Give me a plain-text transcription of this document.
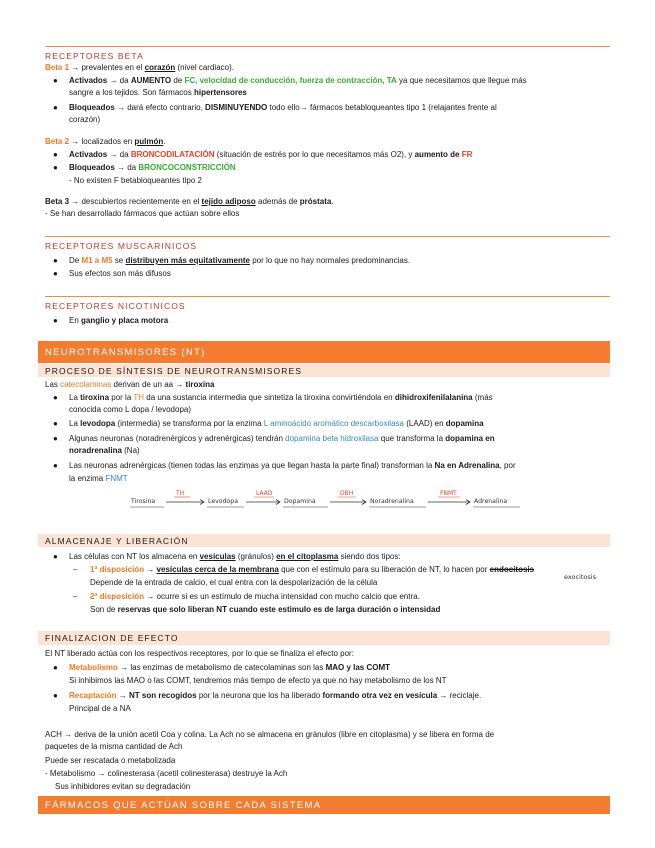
RECEPTORES BETA
Beta 1 → prevalentes en el corazón (nivel cardiaco).
● Activados → da AUMENTO de FC, velocidad de conducción, fuerza de contracción, TA ya que necesitamos que llegue más
sangre a los tejidos. Son fármacos hipertensores
● Bloqueados → dará efecto contrario, DISMINUYENDO todo ello→ fármacos betabloqueantes tipo 1 (relajantes frente al
corazón)
Beta 2 → localizados en pulmón.
● Activados → da BRONCODILATACIÓN (situación de estrés por lo que necesitamos más O2), y aumento de FR
● Bloqueados → da BRONCOCONSTRICCIÓN
- No existen F betabloqueantes tipo 2
Beta 3 → descubiertos recientemente en el tejido adiposo además de próstata.
- Se han desarrollado fármacos que actúan sobre ellos
RECEPTORES MUSCARINICOS
● De M1 a M5 se distribuyen más equitativamente por lo que no hay normales predominancias.
● Sus efectos son más difusos
RECEPTORES NICOTINICOS
● En ganglio y placa motora
NEUROTRANSMISORES (NT)
PROCESO DE SÍNTESIS DE NEUROTRANSMISORES
Las catecolaminas derivan de un aa → tiroxina
● La tiroxina por la TH da una sustancia intermedia que sintetiza la tiroxina convirtiéndola en dihidroxifenilalanina (más
conocida como L dopa / levodopa)
● La levodopa (intermedia) se transforma por la enzima L aminoácido aromático descarboxilasa (LAAD) en dopamina
● Algunas neuronas (noradrenérgicos y adrenérgicas) tendrán dopamina beta hidroxilasa que transforma la dopamina en
noradrenalina (Na)
● Las neuronas adrenérgicas (tienen todas las enzimas ya que llegan hasta la parte final) transforman la Na en Adrenalina, por
la enzima FNMT
Tirosina	Levodopa	Dopamina	Noradrenalina	Adrenalina
TH	LAAD	DBH	FNMT
ALMACENAJE Y LIBERACIÓN
● Las células con NT los almacena en vesículas (gránulos) en el citoplasma siendo dos tipos:
– 1ª disposición → vesículas cerca de la membrana que con el estímulo para su liberación de NT, lo hacen por endocitosis
exocitosis
Depende de la entrada de calcio, el cual entra con la despolarización de la célula
– 2ª disposición → ocurre si es un estímulo de mucha intensidad con mucho calcio que entra.
Son de reservas que solo liberan NT cuando este estimulo es de larga duración o intensidad
FINALIZACION DE EFECTO
El NT liberado actúa con los respectivos receptores, por lo que se finaliza el efecto por:
● Metabolismo → las enzimas de metabolismo de catecolaminas son las MAO y las COMT
Si inhibimos las MAO o las COMT, tendremos más tiempo de efecto ya que no hay metabolismo de los NT
● Recaptación → NT son recogidos por la neurona que los ha liberado formando otra vez en vesícula → reciclaje.
Principal de a NA
ACH → deriva de la unión acetil Coa y colina. La Ach no se almacena en gránulos (libre en citoplasma) y se libera en forma de
paquetes de la misma cantidad de Ach
Puede ser rescatada o metabolizada
- Metabolismo → colinesterasa (acetil colinesterasa) destruye la Ach
Sus inhibidores evitan su degradación
FÁRMACOS QUE ACTÚAN SOBRE CADA SISTEMA
